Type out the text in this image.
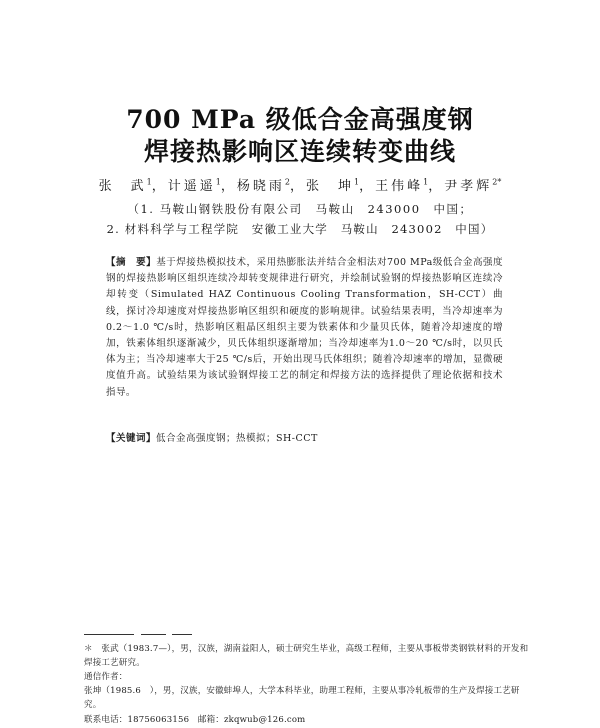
700 MPa 级低合金高强度钢
焊接热影响区连续转变曲线
张　武$^1$，计遥遥$^1$，杨晓雨$^2$，张　坤$^1$，王伟峰$^1$，尹孝辉$^{2*}$
（1. 马鞍山钢铁股份有限公司　马鞍山　243000　中国；
2. 材料科学与工程学院　安徽工业大学　马鞍山　243002　中国）

【摘　要】基于焊接热模拟技术，采用热膨胀法并结合金相法对700 MPa级低合金高强度钢的焊接热影响区组织连续冷却转变规律进行研究，并绘制试验钢的焊接热影响区连续冷却转变（Simulated HAZ Continuous Cooling Transformation，SH-CCT）曲线，探讨冷却速度对焊接热影响区组织和硬度的影响规律。试验结果表明，当冷却速率为0.2～1.0 ℃/s时，热影响区粗晶区组织主要为铁素体和少量贝氏体，随着冷却速度的增加，铁素体组织逐渐减少，贝氏体组织逐渐增加；当冷却速率为1.0～20 ℃/s时，以贝氏体为主；当冷却速率大于25 ℃/s后，开始出现马氏体组织；随着冷却速率的增加，显微硬度值升高。试验结果为该试验钢焊接工艺的制定和焊接方法的选择提供了理论依据和技术指导。

【关键词】低合金高强度钢；热模拟；SH-CCT

＊　张武（1983.7—），男，汉族，湖南益阳人，硕士研究生毕业，高级工程师，主要从事板带类钢铁材料的开发和焊接工艺研究。

通信作者：

张坤（1985.6　），男，汉族，安徽蚌埠人，大学本科毕业，助理工程师，主要从事冷轧板带的生产及焊接工艺研究。

联系电话：18756063156　邮箱：zkqwub@126.com
